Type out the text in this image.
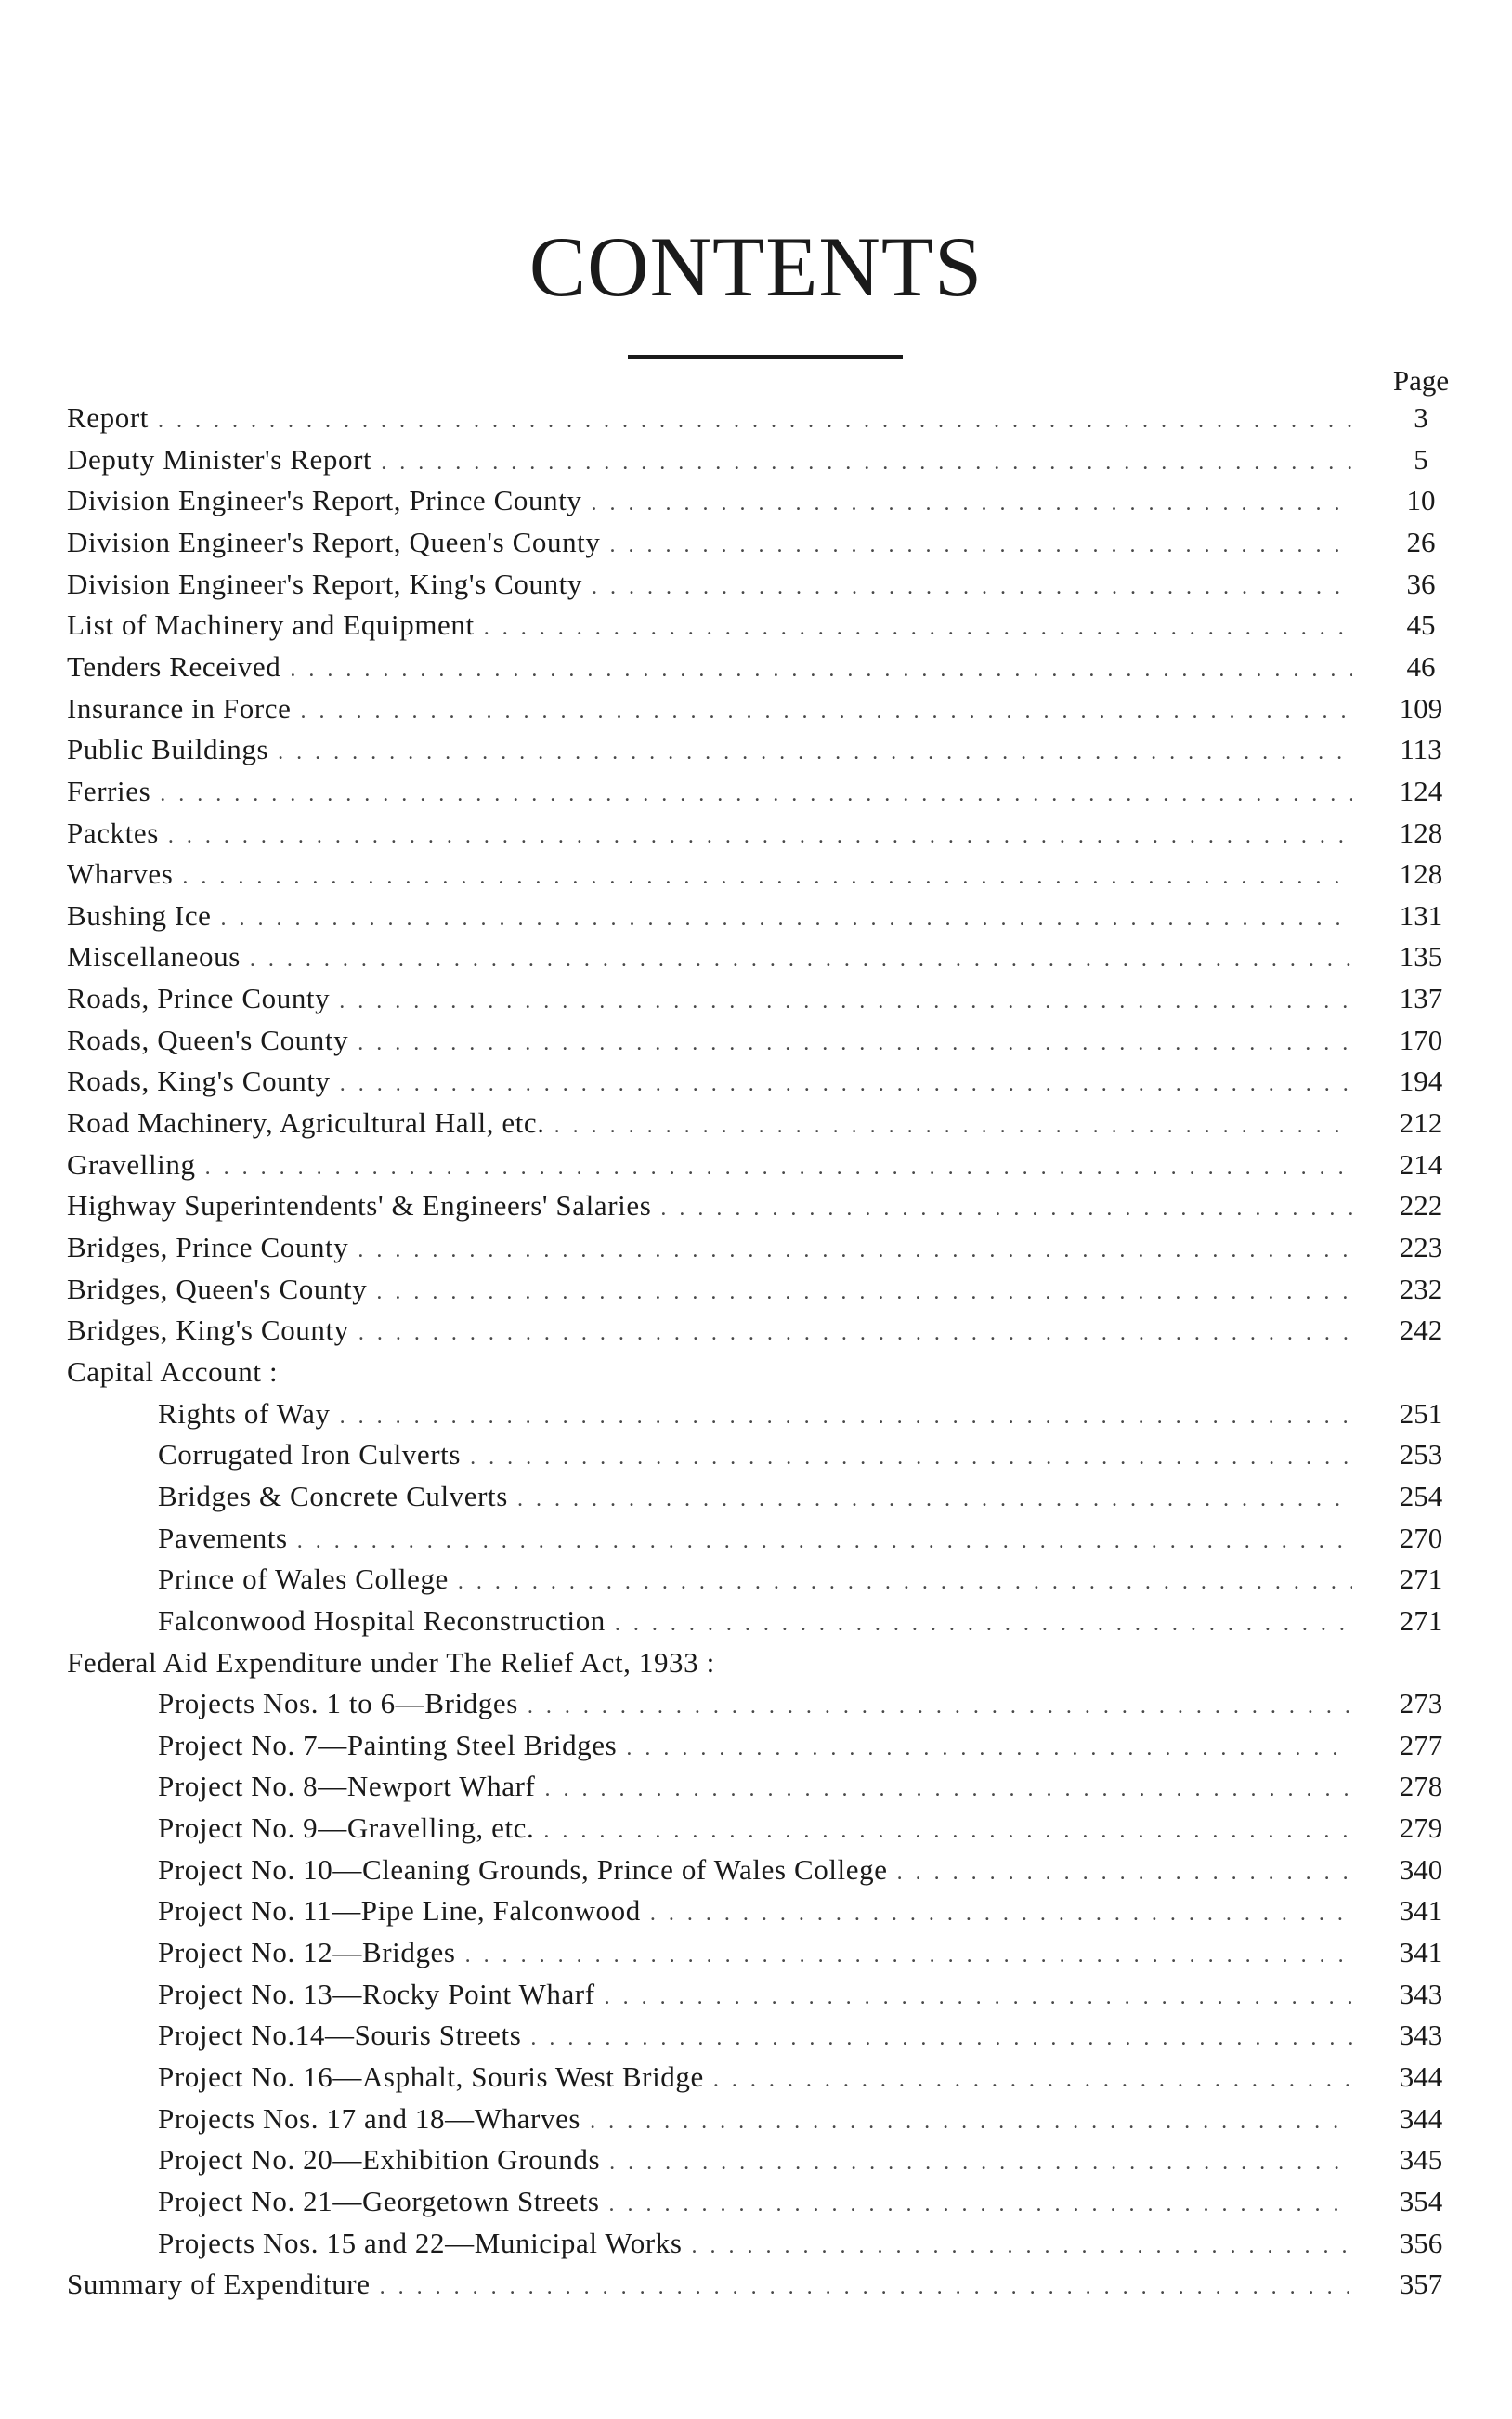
CONTENTS
Page
Report . . .	3
Deputy Minister's Report . . .	5
Division Engineer's Report, Prince County . . .	10
Division Engineer's Report, Queen's County . . .	26
Division Engineer's Report, King's County . . .	36
List of Machinery and Equipment . . .	45
Tenders Received . . .	46
Insurance in Force . . .	109
Public Buildings . . .	113
Ferries . . .	124
Packtes . . .	128
Wharves . . .	128
Bushing Ice . . .	131
Miscellaneous . . .	135
Roads, Prince County . . .	137
Roads, Queen's County . . .	170
Roads, King's County . . .	194
Road Machinery, Agricultural Hall, etc. . . .	212
Gravelling . . .	214
Highway Superintendents' & Engineers' Salaries . . .	222
Bridges, Prince County . . .	223
Bridges, Queen's County . . .	232
Bridges, King's County . . .	242
Capital Account :
Rights of Way . . .	251
Corrugated Iron Culverts . . .	253
Bridges & Concrete Culverts . . .	254
Pavements . . .	270
Prince of Wales College . . .	271
Falconwood Hospital Reconstruction . . .	271
Federal Aid Expenditure under The Relief Act, 1933 :
Projects Nos. 1 to 6—Bridges . . .	273
Project No. 7—Painting Steel Bridges . . .	277
Project No. 8—Newport Wharf . . .	278
Project No. 9—Gravelling, etc. . . .	279
Project No. 10—Cleaning Grounds, Prince of Wales College . . .	340
Project No. 11—Pipe Line, Falconwood . . .	341
Project No. 12—Bridges . . .	341
Project No. 13—Rocky Point Wharf . . .	343
Project No.14—Souris Streets . . .	343
Project No. 16—Asphalt, Souris West Bridge . . .	344
Projects Nos. 17 and 18—Wharves . . .	344
Project No. 20—Exhibition Grounds . . .	345
Project No. 21—Georgetown Streets . . .	354
Projects Nos. 15 and 22—Municipal Works . . .	356
Summary of Expenditure . . .	357
